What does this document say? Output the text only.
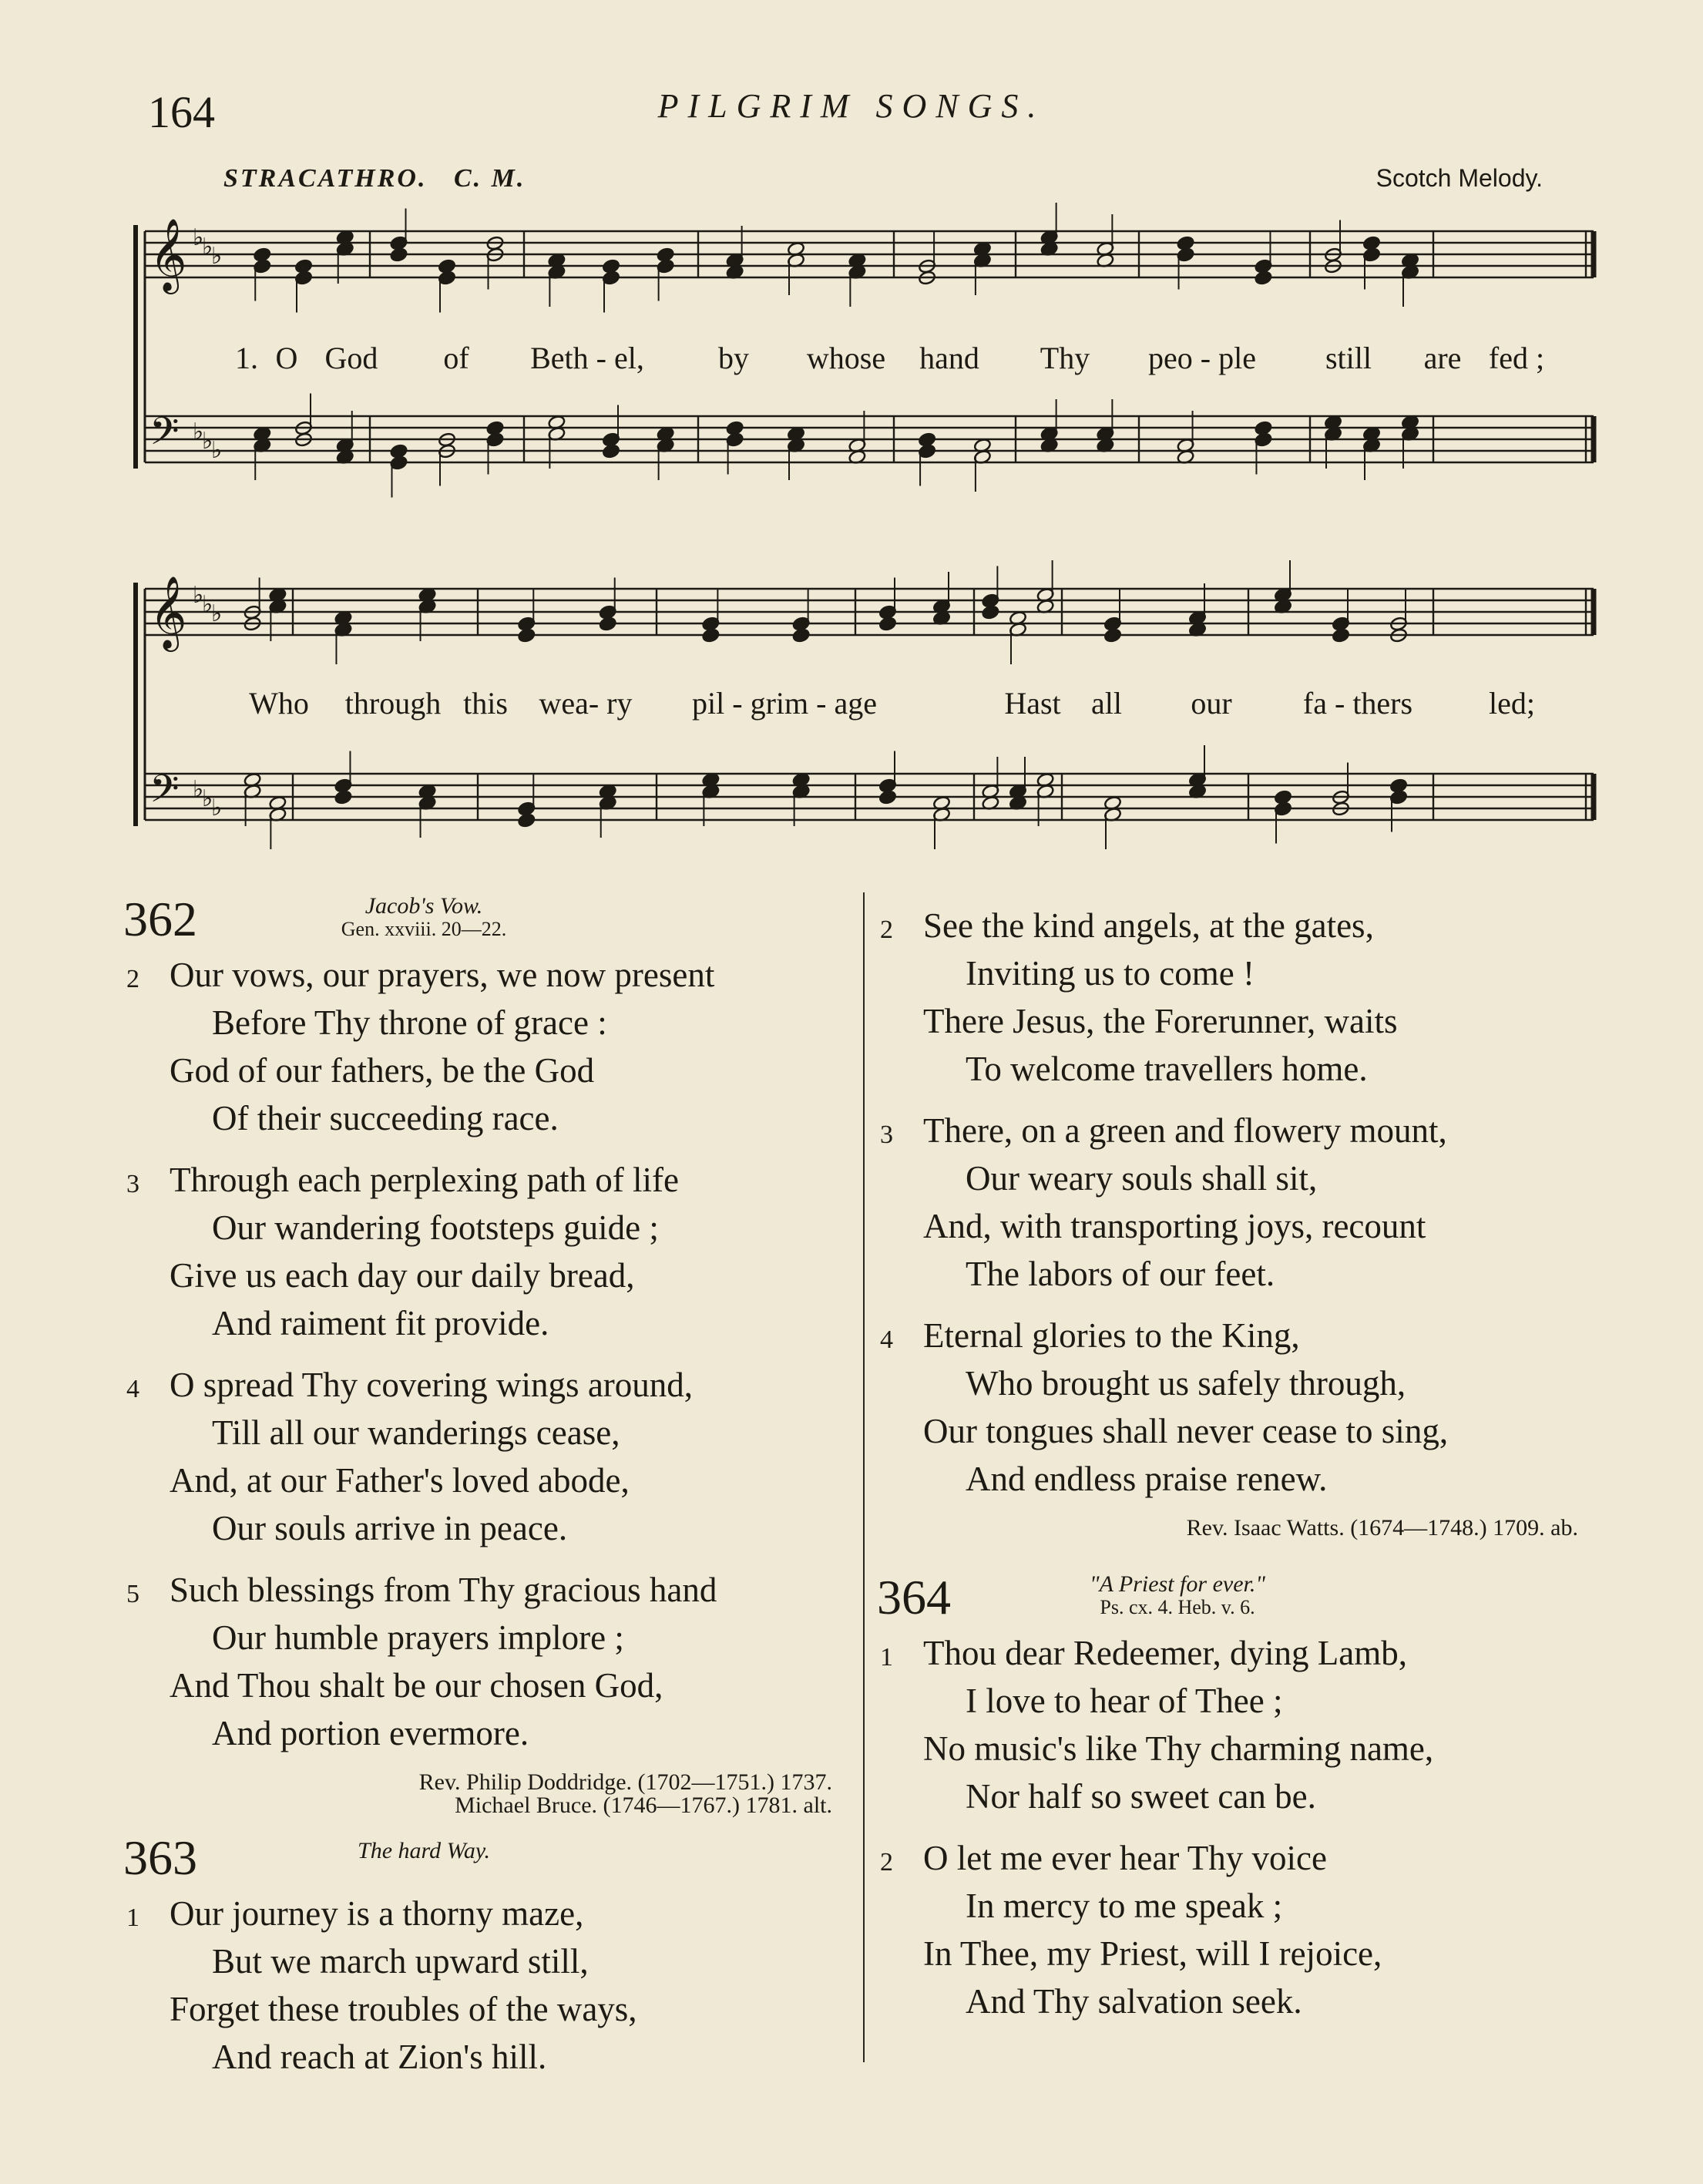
164	PILGRIM SONGS.
STRACATHRO. C. M.	Scotch Melody.
𝄞
𝄢
♭
♭
♭
♭
♭
♭
𝄞
𝄢
♭
♭
♭
♭
♭
♭
1. O God of Beth - el, by whose hand Thy peo - ple still are fed ;
Who through this wea- ry pil - grim - age	Hast all our fa - thers led;
362	Jacob's Vow.
Gen. xxviii. 20—22.
2 Our vows, our prayers, we now present
Before Thy throne of grace :
God of our fathers, be the God
Of their succeeding race.
3 Through each perplexing path of life
Our wandering footsteps guide ;
Give us each day our daily bread,
And raiment fit provide.
4 O spread Thy covering wings around,
Till all our wanderings cease,
And, at our Father's loved abode,
Our souls arrive in peace.
5 Such blessings from Thy gracious hand
Our humble prayers implore ;
And Thou shalt be our chosen God,
And portion evermore.
Rev. Philip Doddridge. (1702—1751.) 1737.
Michael Bruce. (1746—1767.) 1781. alt.
363	The hard Way.
1 Our journey is a thorny maze,
But we march upward still,
Forget these troubles of the ways,
And reach at Zion's hill.
2 See the kind angels, at the gates,
Inviting us to come !
There Jesus, the Forerunner, waits
To welcome travellers home.
3 There, on a green and flowery mount,
Our weary souls shall sit,
And, with transporting joys, recount
The labors of our feet.
4 Eternal glories to the King,
Who brought us safely through,
Our tongues shall never cease to sing,
And endless praise renew.
Rev. Isaac Watts. (1674—1748.) 1709. ab.
364	"A Priest for ever."
Ps. cx. 4. Heb. v. 6.
1 Thou dear Redeemer, dying Lamb,
I love to hear of Thee ;
No music's like Thy charming name,
Nor half so sweet can be.
2 O let me ever hear Thy voice
In mercy to me speak ;
In Thee, my Priest, will I rejoice,
And Thy salvation seek.
